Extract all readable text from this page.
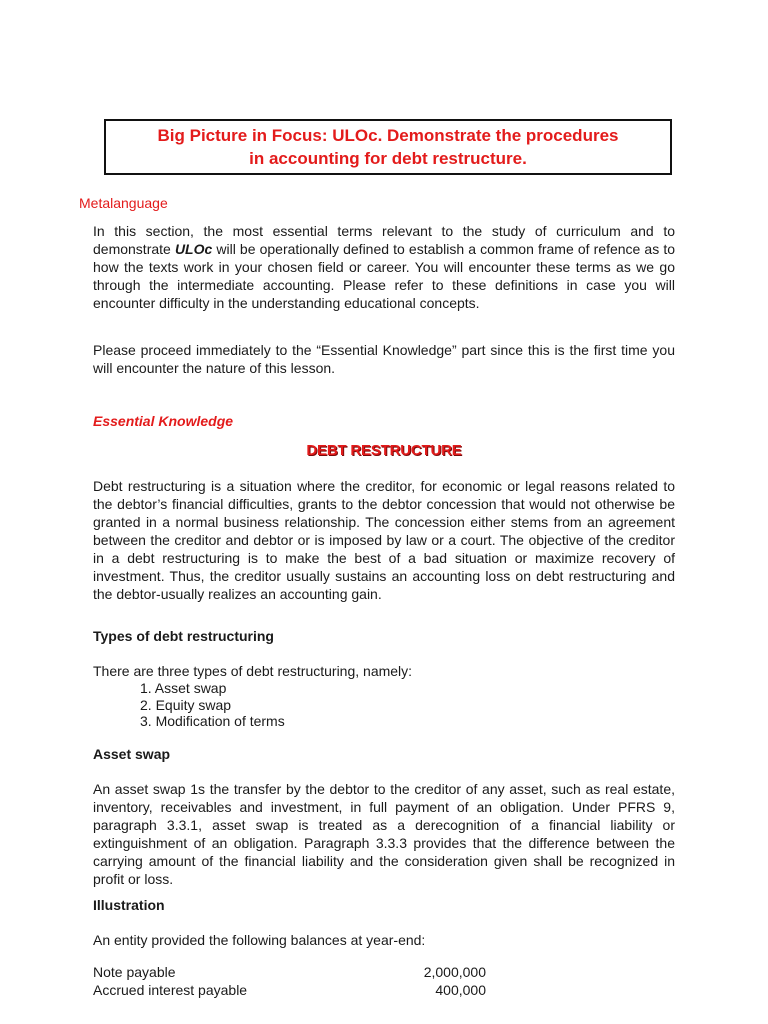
Big Picture in Focus: ULOc. Demonstrate the procedures
in accounting for debt restructure.
Metalanguage
In this section, the most essential terms relevant to the study of curriculum and to demonstrate ULOc will be operationally defined to establish a common frame of refence as to how the texts work in your chosen field or career. You will encounter these terms as we go through the intermediate accounting. Please refer to these definitions in case you will encounter difficulty in the understanding educational concepts.
Please proceed immediately to the “Essential Knowledge” part since this is the first time you will encounter the nature of this lesson.
Essential Knowledge
DEBT RESTRUCTURE
Debt restructuring is a situation where the creditor, for economic or legal reasons related to the debtor’s financial difficulties, grants to the debtor concession that would not otherwise be granted in a normal business relationship. The concession either stems from an agreement between the creditor and debtor or is imposed by law or a court. The objective of the creditor in a debt restructuring is to make the best of a bad situation or maximize recovery of investment. Thus, the creditor usually sustains an accounting loss on debt restructuring and the debtor-usually realizes an accounting gain.
Types of debt restructuring
There are three types of debt restructuring, namely:
1. Asset swap
2. Equity swap
3. Modification of terms
Asset swap
An asset swap 1s the transfer by the debtor to the creditor of any asset, such as real estate, inventory, receivables and investment, in full payment of an obligation. Under PFRS 9, paragraph 3.3.1, asset swap is treated as a derecognition of a financial liability or extinguishment of an obligation. Paragraph 3.3.3 provides that the difference between the carrying amount of the financial liability and the consideration given shall be recognized in profit or loss.
Illustration
An entity provided the following balances at year-end:
Note payable	2,000,000
Accrued interest payable	400,000
